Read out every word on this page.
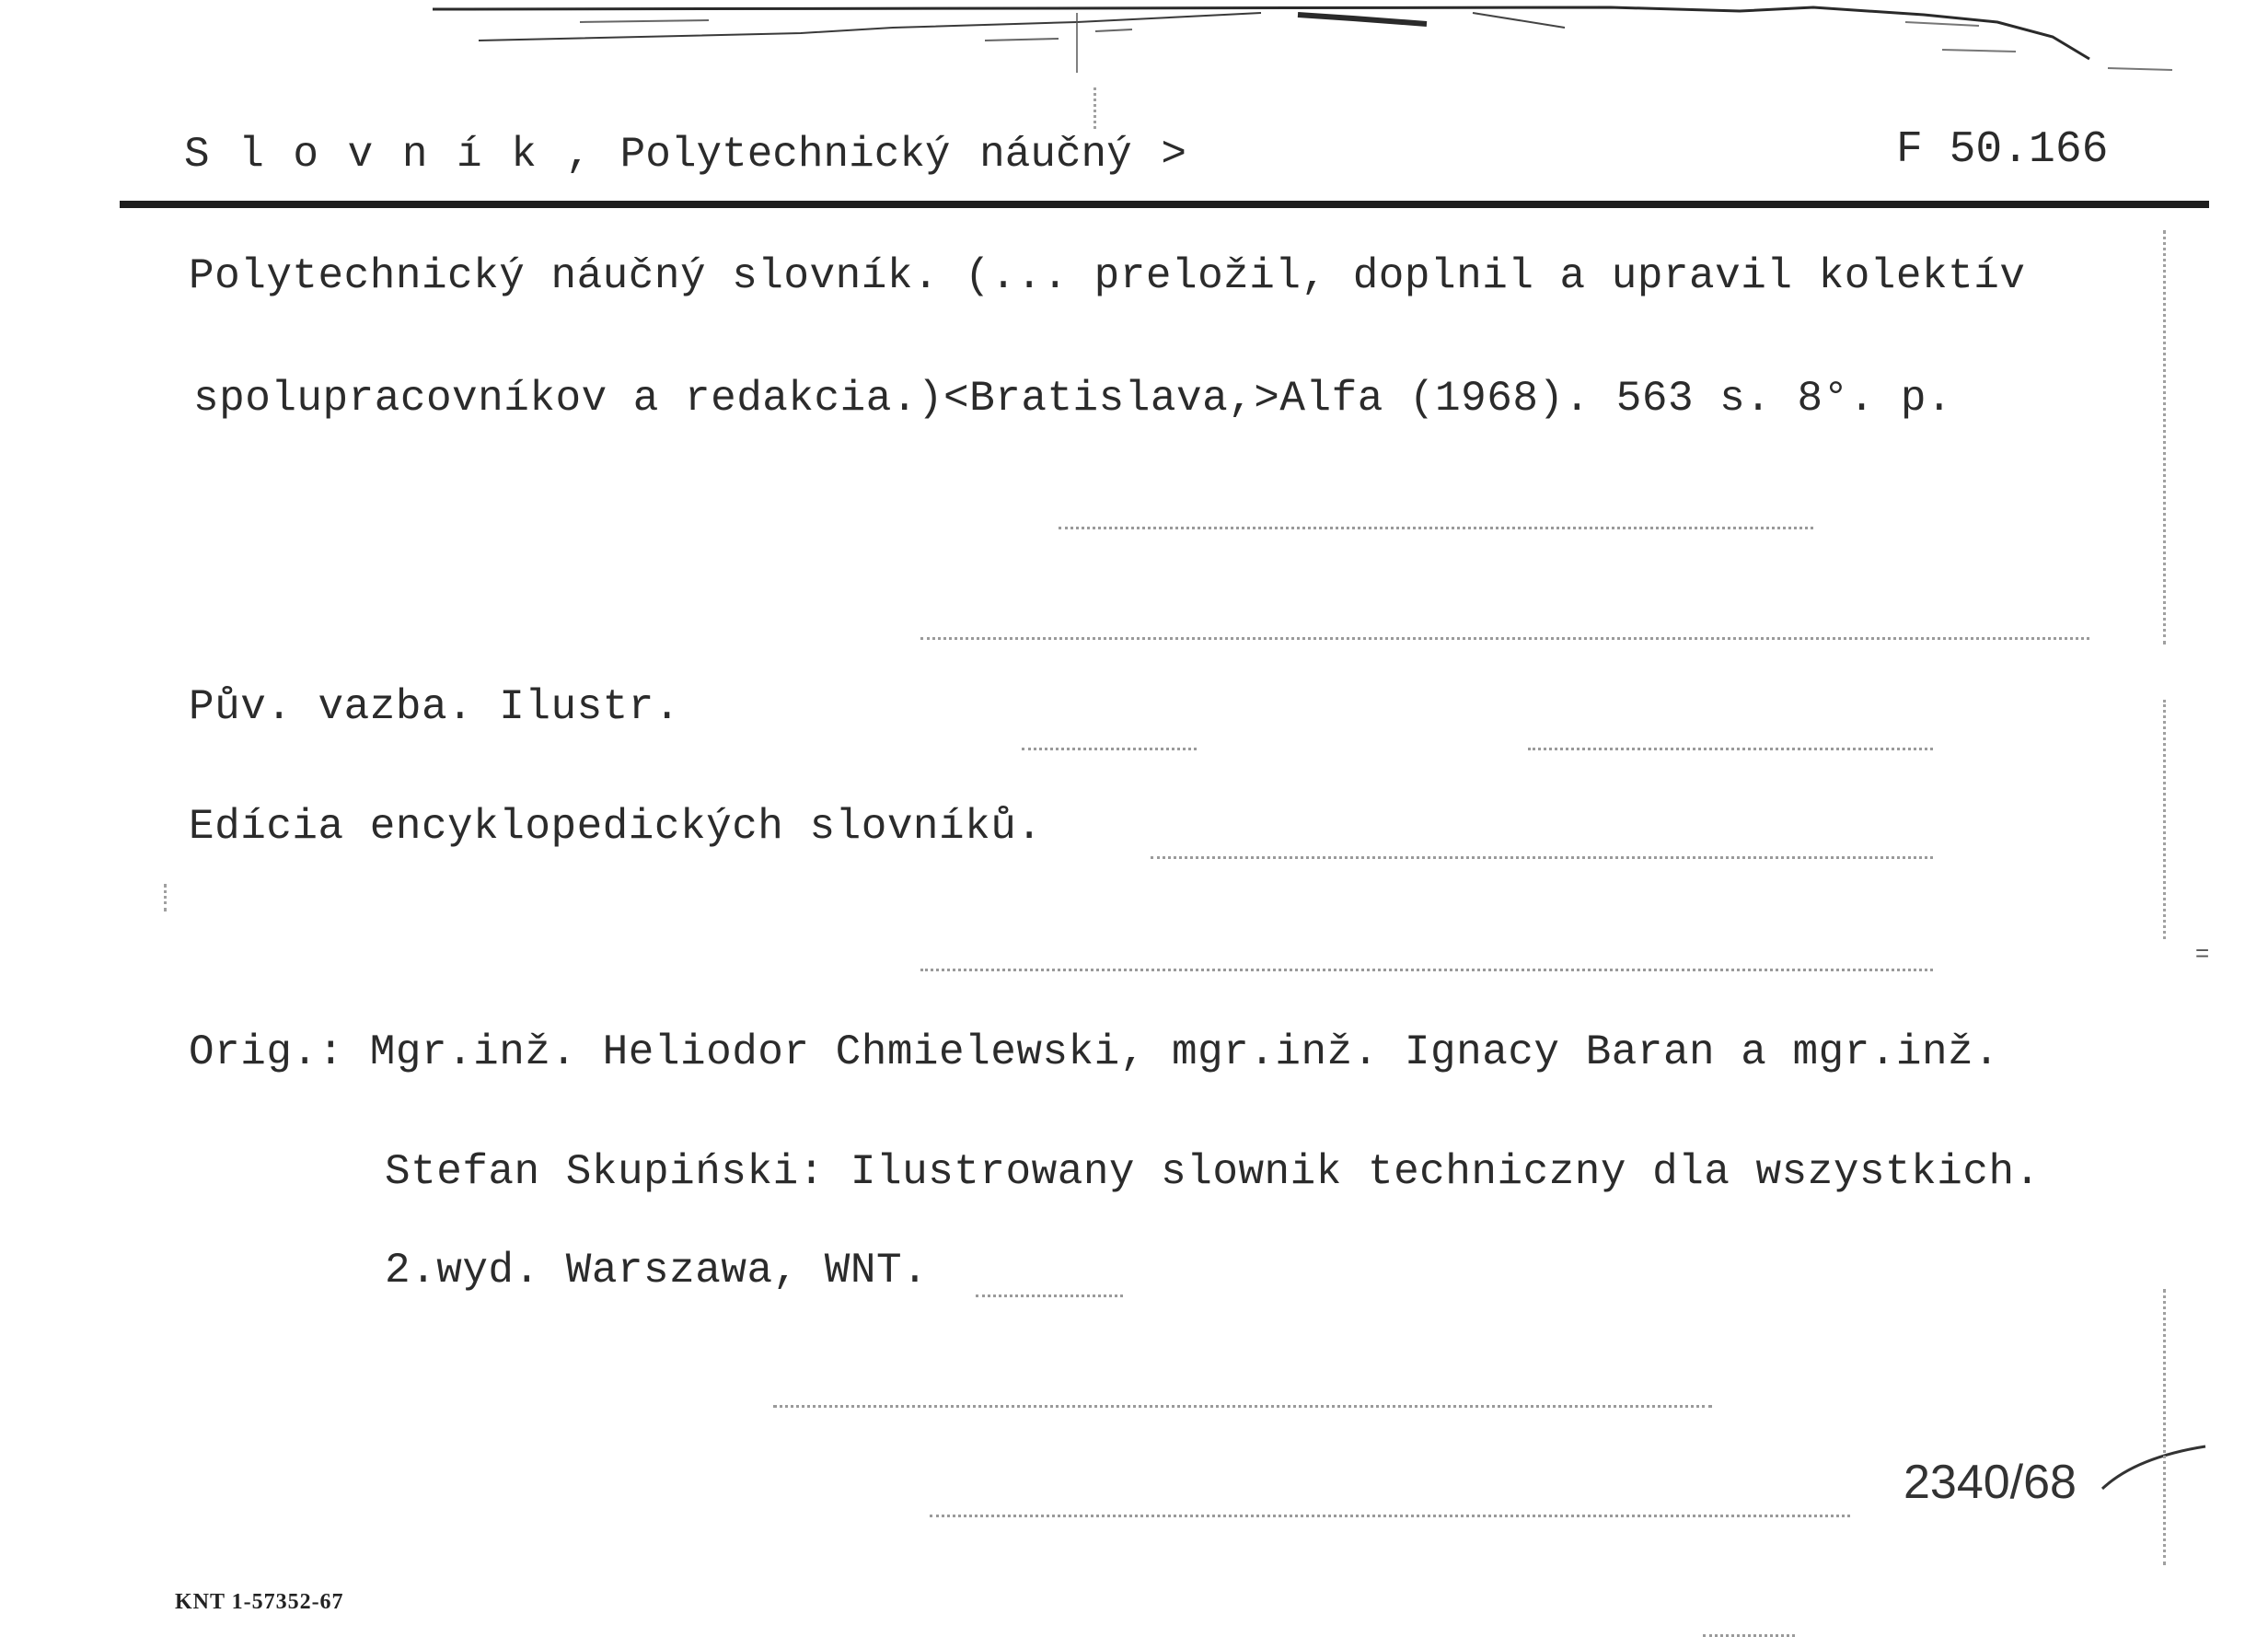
S l o v n í k , Polytechnický náučný >	F 50.166
Polytechnický náučný slovník. (... preložil, doplnil a upravil kolektív
spolupracovníkov a redakcia.)<Bratislava,>Alfa (1968). 563 s. 8°. p.
Pův. vazba. Ilustr.
Edícia encyklopedických slovníků.
Orig.: Mgr.inž. Heliodor Chmielewski, mgr.inž. Ignacy Baran a mgr.inž.
Stefan Skupiński: Ilustrowany slownik techniczny dla wszystkich.
2.wyd. Warszawa, WNT.
2340/68
KNT 1-57352-67
=
